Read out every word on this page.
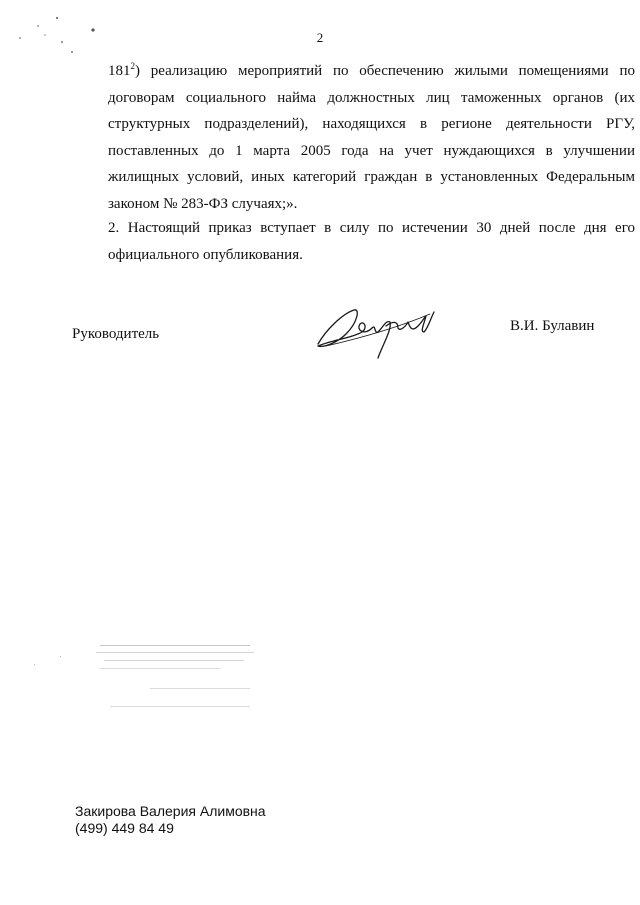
2

$181^2$) реализацию мероприятий по обеспечению жилыми помещениями по договорам социального найма должностных лиц таможенных органов (их структурных подразделений), находящихся в регионе деятельности РГУ, поставленных до 1 марта 2005 года на учет нуждающихся в улучшении жилищных условий, иных категорий граждан в установленных Федеральным законом № 283-ФЗ случаях;».

2. Настоящий приказ вступает в силу по истечении 30 дней после дня его официального опубликования.

Руководитель	В.И. Булавин
Закирова Валерия Алимовна
(499) 449 84 49
